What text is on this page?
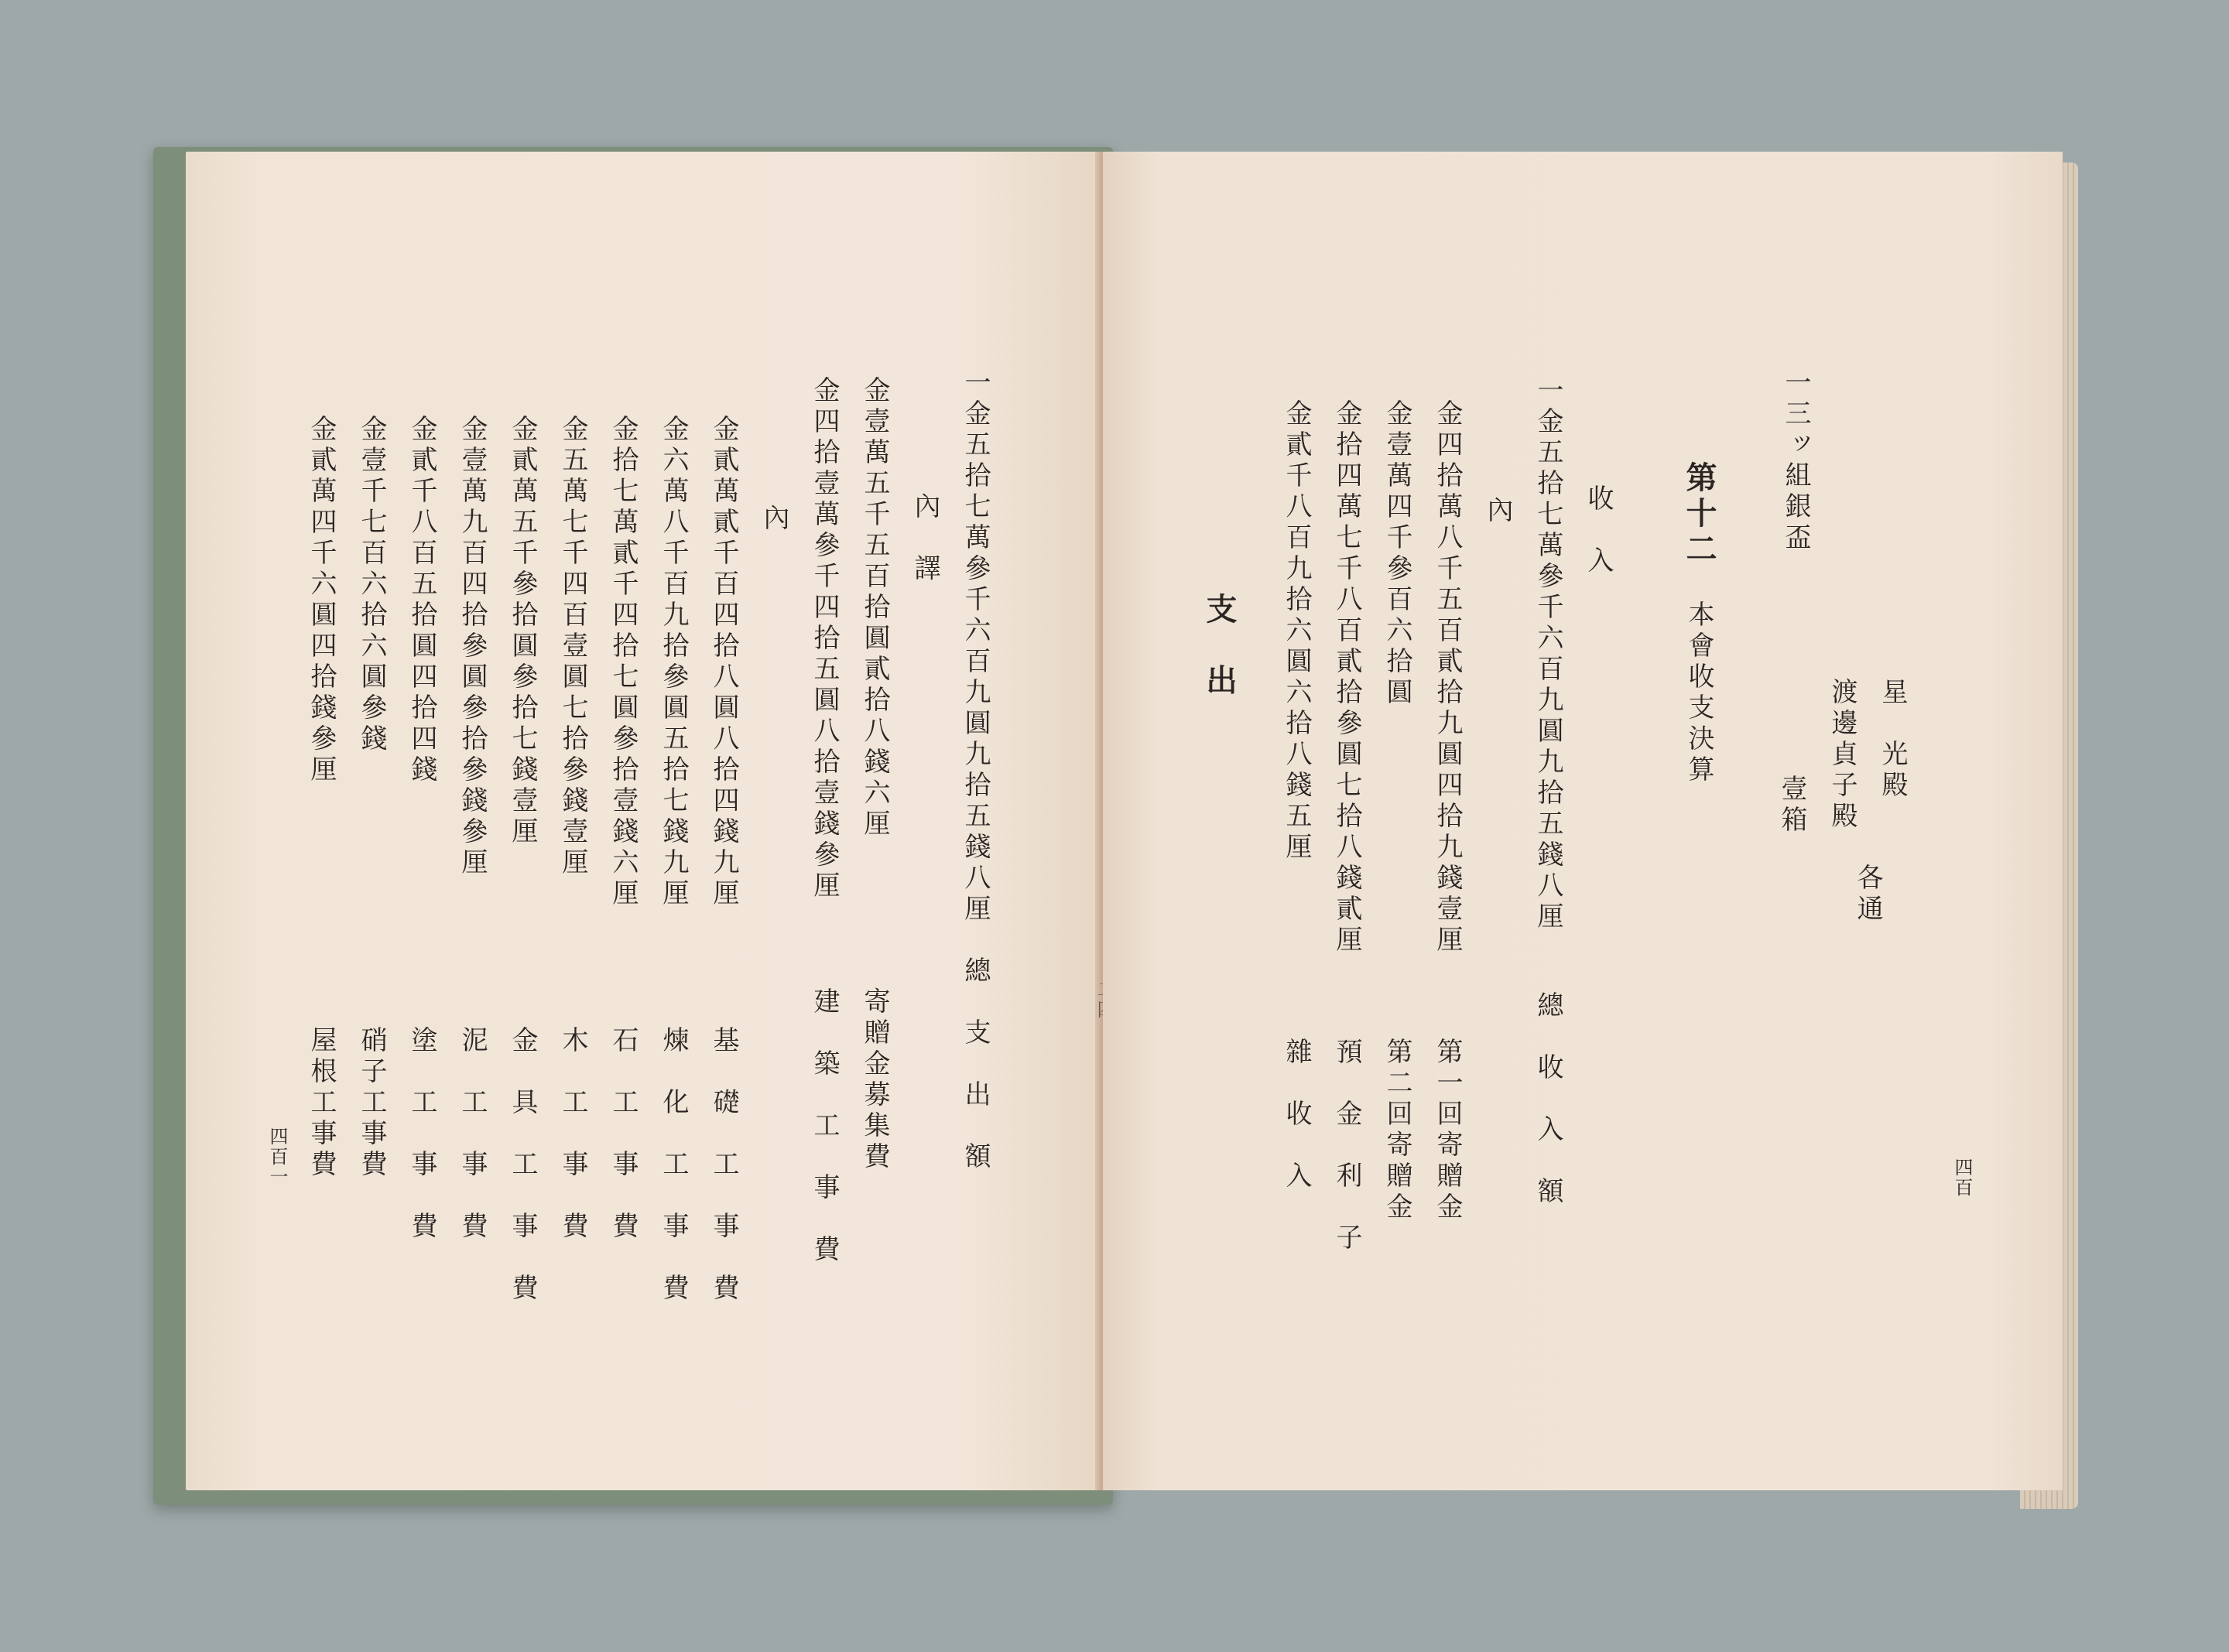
一金五拾七萬參千六百九圓九拾五錢八厘
總　支　出　額
內　譯
金壹萬五千五百拾圓貳拾八錢六厘
寄贈金募集費
金四拾壹萬參千四拾五圓八拾壹錢參厘
建　築　工　事　費
內
金貳萬貳千百四拾八圓八拾四錢九厘
基　礎　工　事　費
金六萬八千百九拾參圓五拾七錢九厘
煉　化　工　事　費
金拾七萬貳千四拾七圓參拾壹錢六厘
石　工　事　費
金五萬七千四百壹圓七拾參錢壹厘
木　工　事　費
金貳萬五千參拾圓參拾七錢壹厘
金　具　工　事　費
金壹萬九百四拾參圓參拾參錢參厘
泥　工　事　費
金貳千八百五拾圓四拾四錢
塗　工　事　費
金壹千七百六拾六圓參錢
硝子工事費
金貳萬四千六圓四拾錢參厘
屋根工事費
四百一
一三ッ組銀盃
星　光殿
渡邊貞子殿
各通
壹箱
第十二
本會收支決算
收　入
一金五拾七萬參千六百九圓九拾五錢八厘
總　收　入　額
內
金四拾萬八千五百貳拾九圓四拾九錢壹厘
第一回寄贈金
金壹萬四千參百六拾圓
第二回寄贈金
金拾四萬七千八百貳拾參圓七拾八錢貳厘
預　金　利　子
金貳千八百九拾六圓六拾八錢五厘
雜　收　入
支　出
四百
